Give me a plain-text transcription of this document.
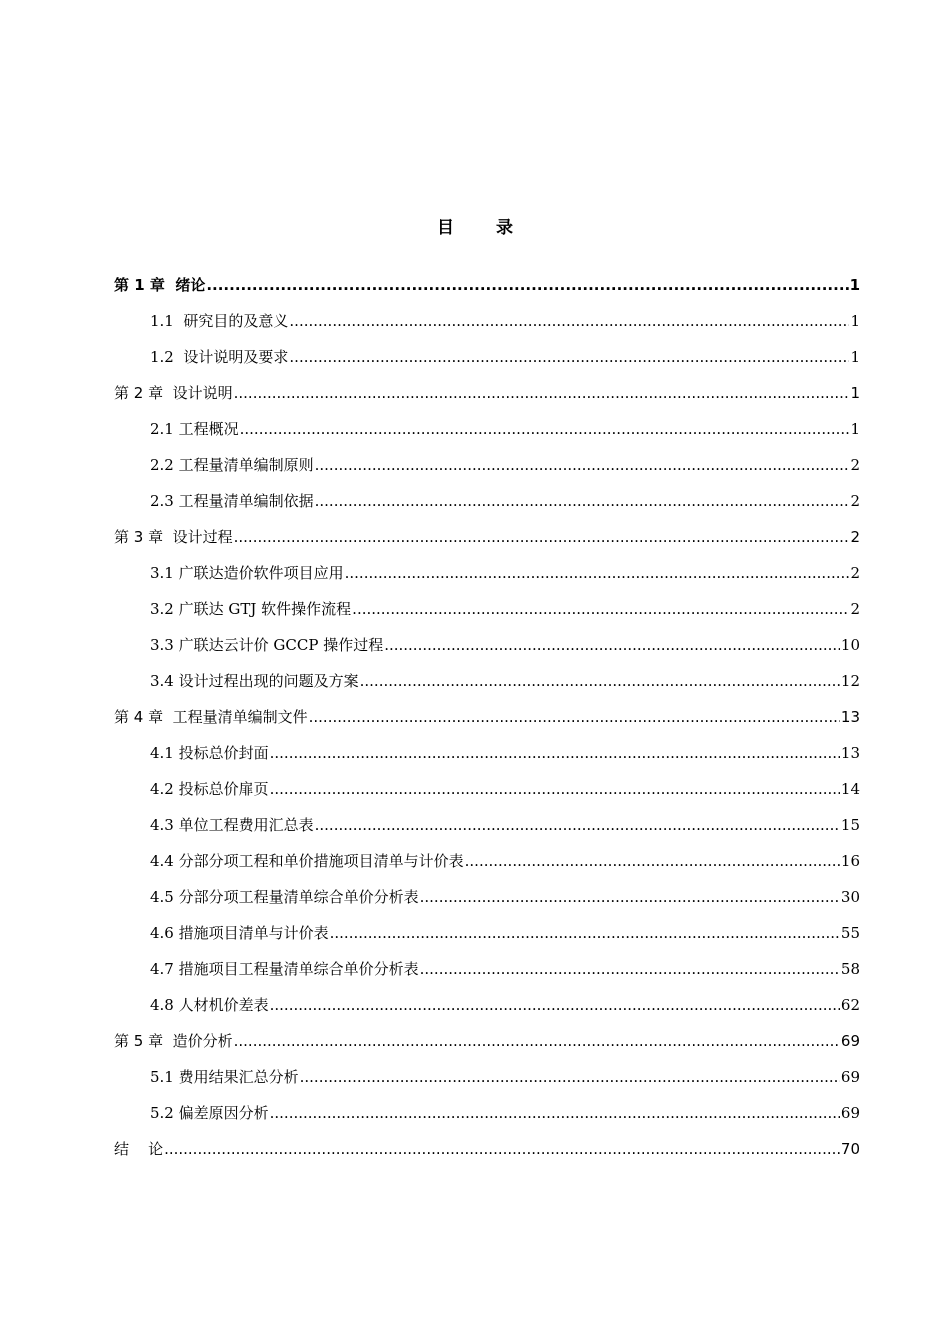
目 录
第 1 章  绪论 .....	1
1.1  研究目的及意义 .....	1
1.2  设计说明及要求 .....	1
第 2 章  设计说明 .....	1
2.1 工程概况 .....	1
2.2 工程量清单编制原则 .....	2
2.3 工程量清单编制依据 .....	2
第 3 章  设计过程 .....	2
3.1 广联达造价软件项目应用 .....	2
3.2 广联达 GTJ 软件操作流程 .....	2
3.3 广联达云计价 GCCP 操作过程 .....	10
3.4 设计过程出现的问题及方案 .....	12
第 4 章  工程量清单编制文件 .....	13
4.1 投标总价封面 .....	13
4.2 投标总价扉页 .....	14
4.3 单位工程费用汇总表 .....	15
4.4 分部分项工程和单价措施项目清单与计价表 .....	16
4.5 分部分项工程量清单综合单价分析表 .....	30
4.6 措施项目清单与计价表 .....	55
4.7 措施项目工程量清单综合单价分析表 .....	58
4.8 人材机价差表 .....	62
第 5 章  造价分析 .....	69
5.1 费用结果汇总分析 .....	69
5.2 偏差原因分析 .....	69
结    论 .....	70
